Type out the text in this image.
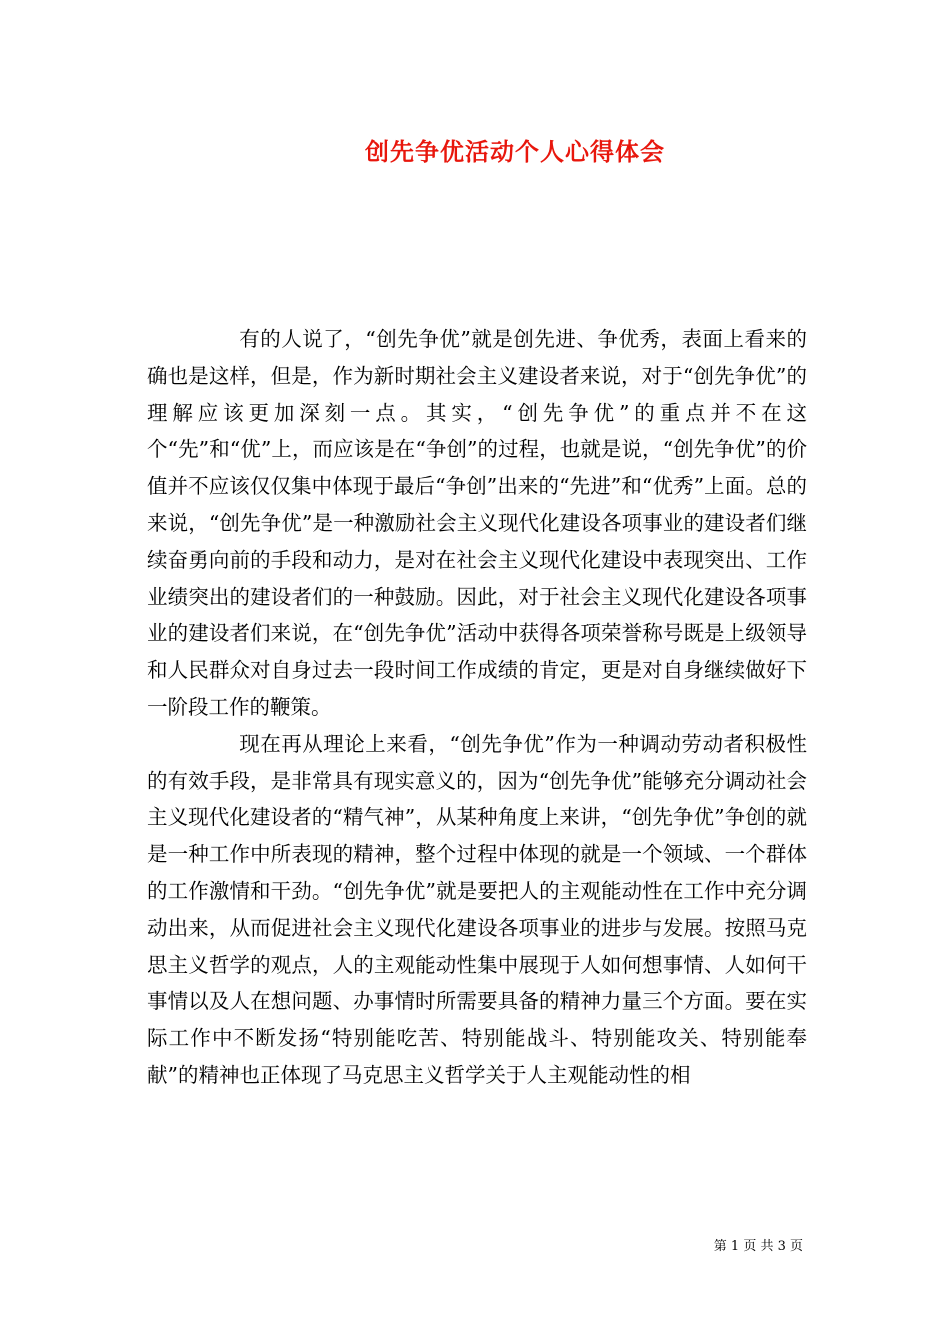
创先争优活动个人心得体会

有的人说了，“创先争优”就是创先进、争优秀，表面上看来的确也是这样，但是，作为新时期社会主义建设者来说，对于“创先争优”的理解应该更加深刻一点。其实，“创先争优”的重点并不在这个“先”和“优”上，而应该是在“争创”的过程，也就是说，“创先争优”的价值并不应该仅仅集中体现于最后“争创”出来的“先进”和“优秀”上面。总的来说，“创先争优”是一种激励社会主义现代化建设各项事业的建设者们继续奋勇向前的手段和动力，是对在社会主义现代化建设中表现突出、工作业绩突出的建设者们的一种鼓励。因此，对于社会主义现代化建设各项事业的建设者们来说，在“创先争优”活动中获得各项荣誉称号既是上级领导和人民群众对自身过去一段时间工作成绩的肯定，更是对自身继续做好下一阶段工作的鞭策。

现在再从理论上来看，“创先争优”作为一种调动劳动者积极性的有效手段，是非常具有现实意义的，因为“创先争优”能够充分调动社会主义现代化建设者的“精气神”，从某种角度上来讲，“创先争优”争创的就是一种工作中所表现的精神，整个过程中体现的就是一个领域、一个群体的工作激情和干劲。“创先争优”就是要把人的主观能动性在工作中充分调动出来，从而促进社会主义现代化建设各项事业的进步与发展。按照马克思主义哲学的观点，人的主观能动性集中展现于人如何想事情、人如何干事情以及人在想问题、办事情时所需要具备的精神力量三个方面。要在实际工作中不断发扬“特别能吃苦、特别能战斗、特别能攻关、特别能奉献”的精神也正体现了马克思主义哲学关于人主观能动性的相

第 1 页 共 3 页
